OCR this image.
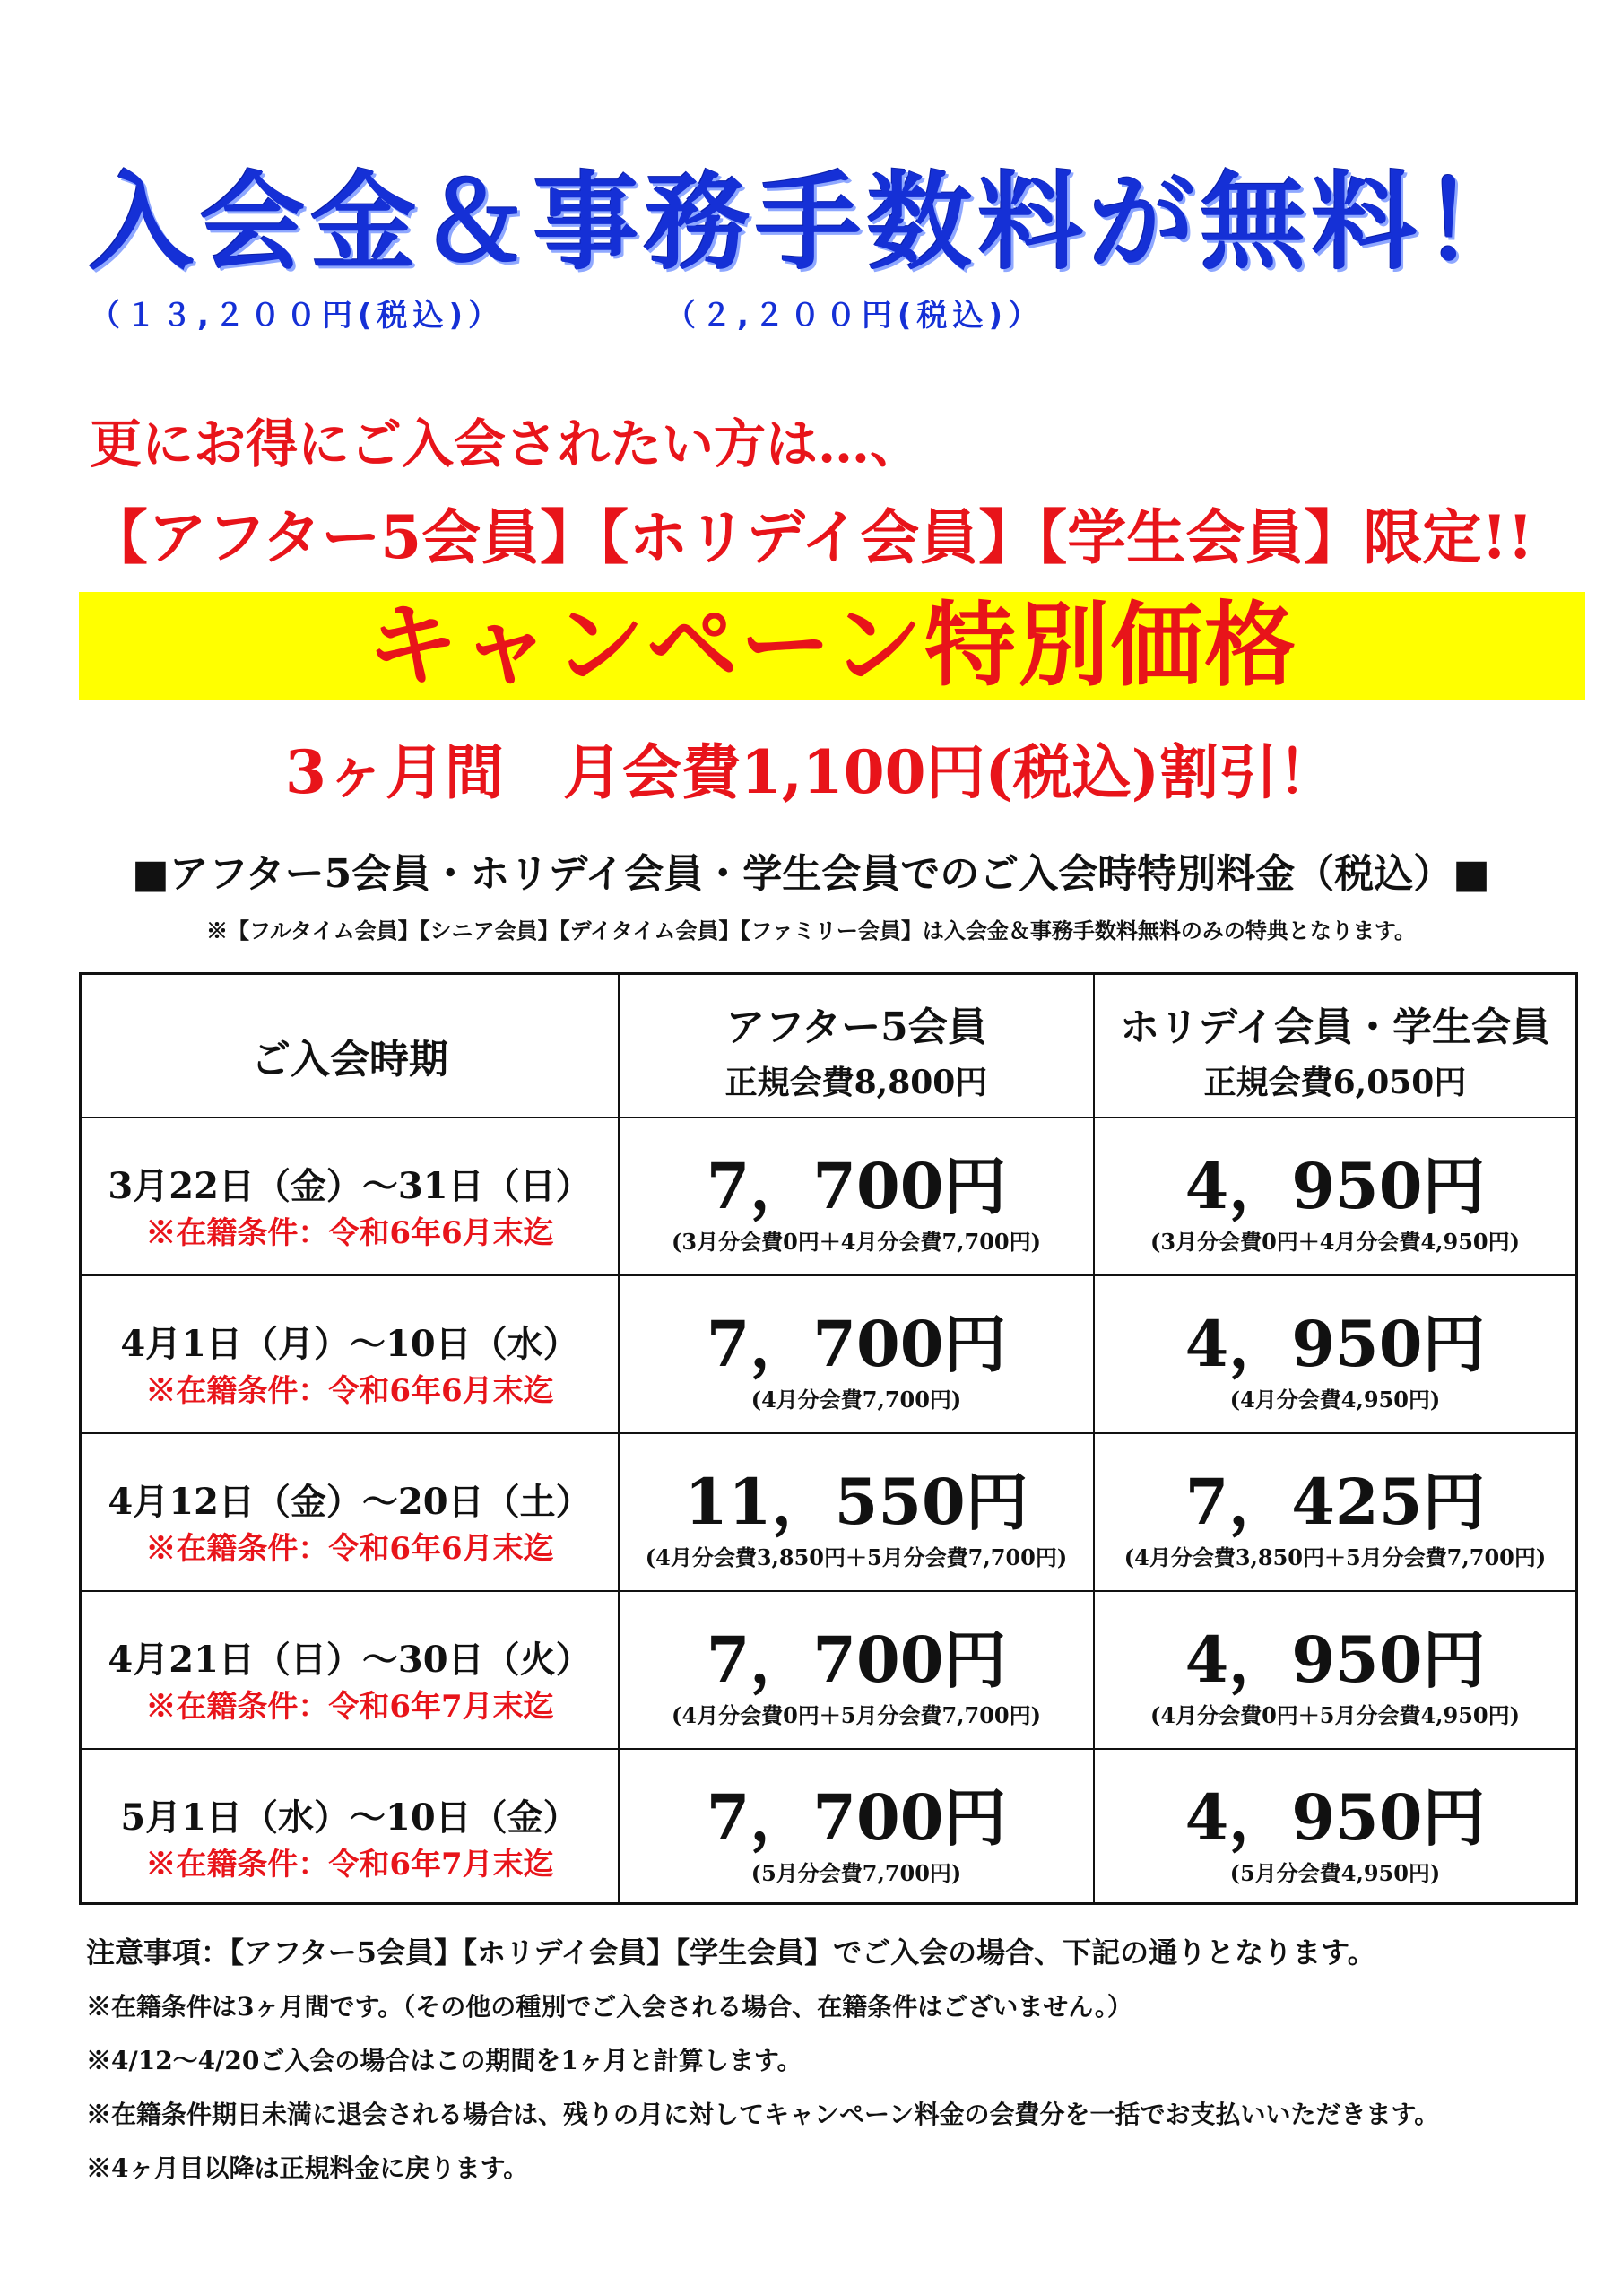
入会金＆事務手数料が無料！
（１３,２００円(税込)）	（２,２００円(税込)）
更にお得にご入会されたい方は…、
【アフター5会員】【ホリデイ会員】【学生会員】限定!!
キャンペーン特別価格
3ヶ月間　月会費1,100円(税込)割引！
■アフター5会員・ホリデイ会員・学生会員でのご入会時特別料金（税込）■
※【フルタイム会員】【シニア会員】【デイタイム会員】【ファミリー会員】は入会金＆事務手数料無料のみの特典となります。
ご入会時期
アフター5会員
正規会費8,800円
ホリデイ会員・学生会員
正規会費6,050円
3月22日（金）～31日（日）
※在籍条件：令和6年6月末迄
7，700円
(3月分会費0円＋4月分会費7,700円)
4，950円
(3月分会費0円＋4月分会費4,950円)
4月1日（月）～10日（水）
※在籍条件：令和6年6月末迄
7，700円
(4月分会費7,700円)
4，950円
(4月分会費4,950円)
4月12日（金）～20日（土）
※在籍条件：令和6年6月末迄
11，550円
(4月分会費3,850円＋5月分会費7,700円)
7，425円
(4月分会費3,850円＋5月分会費7,700円)
4月21日（日）～30日（火）
※在籍条件：令和6年7月末迄
7，700円
(4月分会費0円＋5月分会費7,700円)
4，950円
(4月分会費0円＋5月分会費4,950円)
5月1日（水）～10日（金）
※在籍条件：令和6年7月末迄
7，700円
(5月分会費7,700円)
4，950円
(5月分会費4,950円)
注意事項：【アフター5会員】【ホリデイ会員】【学生会員】でご入会の場合、下記の通りとなります。
※在籍条件は3ヶ月間です。（その他の種別でご入会される場合、在籍条件はございません。）
※4/12～4/20ご入会の場合はこの期間を1ヶ月と計算します。
※在籍条件期日未満に退会される場合は、残りの月に対してキャンペーン料金の会費分を一括でお支払いいただきます。
※4ヶ月目以降は正規料金に戻ります。
